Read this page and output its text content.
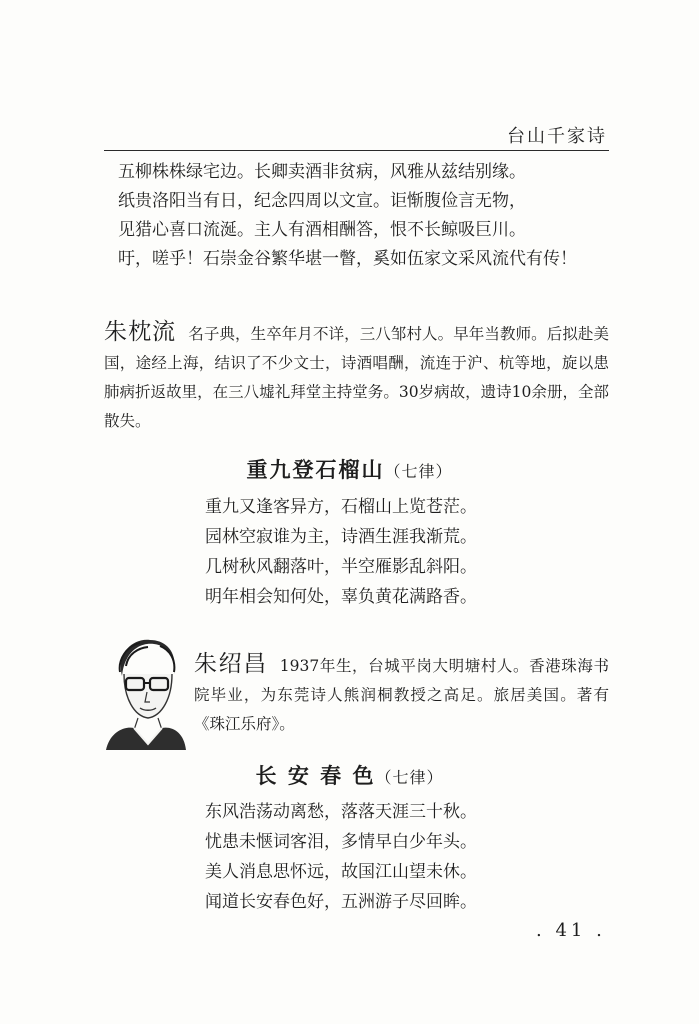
台山千家诗
五柳株株绿宅边。长卿卖酒非贫病，风雅从兹结别缘。
纸贵洛阳当有日，纪念四周以文宣。讵惭腹俭言无物，
见猎心喜口流涎。主人有酒相酬答，恨不长鲸吸巨川。
吁，嗟乎！石崇金谷繁华堪一瞥，奚如伍家文采风流代有传！
朱枕流 名子典，生卒年月不详，三八邹村人。早年当教师。后拟赴美国，途经上海，结识了不少文士，诗酒唱酬，流连于沪、杭等地，旋以患肺病折返故里，在三八墟礼拜堂主持堂务。30岁病故，遗诗10余册，全部散失。
重九登石榴山（七律）
重九又逢客异方，石榴山上览苍茫。
园林空寂谁为主，诗酒生涯我渐荒。
几树秋风翻落叶，半空雁影乱斜阳。
明年相会知何处，辜负黄花满路香。
朱绍昌 1937年生，台城平岗大明塘村人。香港珠海书院毕业，为东莞诗人熊润桐教授之高足。旅居美国。著有《珠江乐府》。
长 安 春 色（七律）
东风浩荡动离愁，落落天涯三十秋。
忧患未惬词客泪，多情早白少年头。
美人消息思怀远，故国江山望未休。
闻道长安春色好，五洲游子尽回眸。
. 41 .
